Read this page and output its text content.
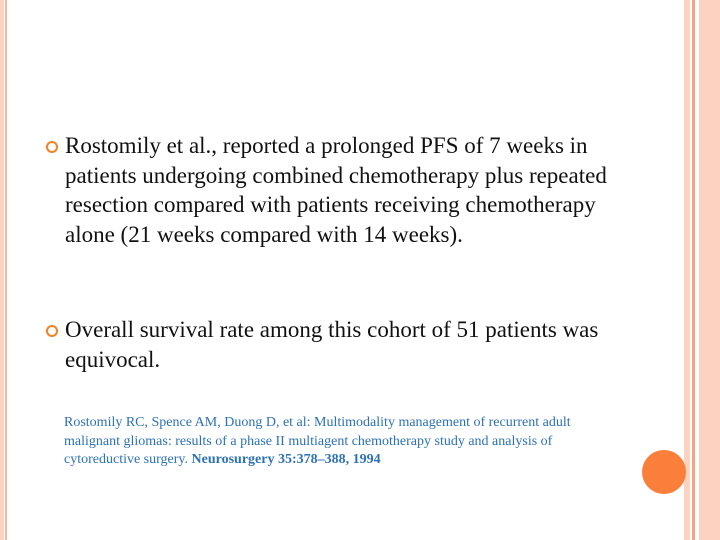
Rostomily et al., reported a prolonged PFS of 7 weeks in patients undergoing combined chemotherapy plus repeated resection compared with patients receiving chemotherapy alone (21 weeks compared with 14 weeks).
Overall survival rate among this cohort of 51 patients was equivocal.
Rostomily RC, Spence AM, Duong D, et al: Multimodality management of recurrent adult malignant gliomas: results of a phase II multiagent chemotherapy study and analysis of cytoreductive surgery. Neurosurgery 35:378–388, 1994
